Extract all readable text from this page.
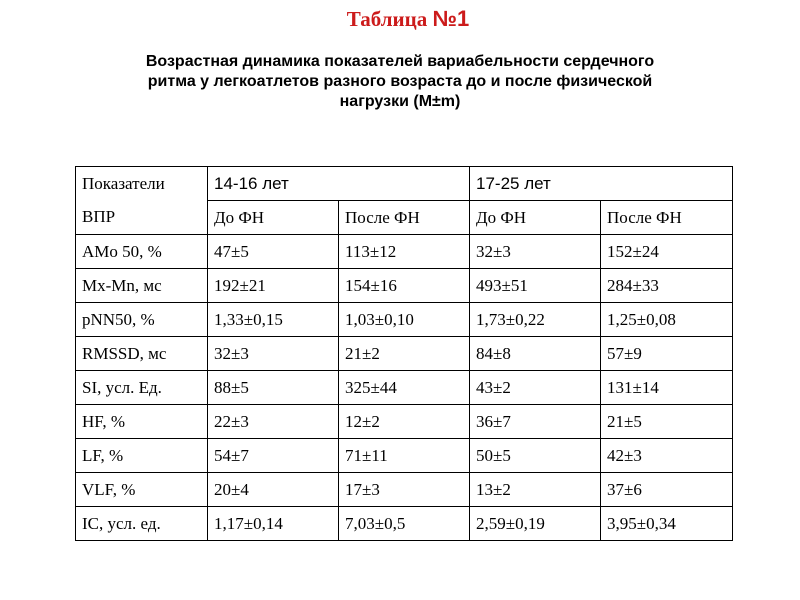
Таблица №1
Возрастная динамика показателей вариабельности сердечного
ритма у легкоатлетов разного возраста до и после физической
нагрузки (M±m)
Показатели	14-16 лет		17-25 лет	
ВПР	До ФН	После ФН	До ФН	После ФН
AMo 50, %	47±5	113±12	32±3	152±24
Mx-Mn, мс	192±21	154±16	493±51	284±33
pNN50, %	1,33±0,15	1,03±0,10	1,73±0,22	1,25±0,08
RMSSD, мс	32±3	21±2	84±8	57±9
SI, усл. Ед.	88±5	325±44	43±2	131±14
HF, %	22±3	12±2	36±7	21±5
LF, %	54±7	71±11	50±5	42±3
VLF, %	20±4	17±3	13±2	37±6
IC, усл. ед.	1,17±0,14	7,03±0,5	2,59±0,19	3,95±0,34
